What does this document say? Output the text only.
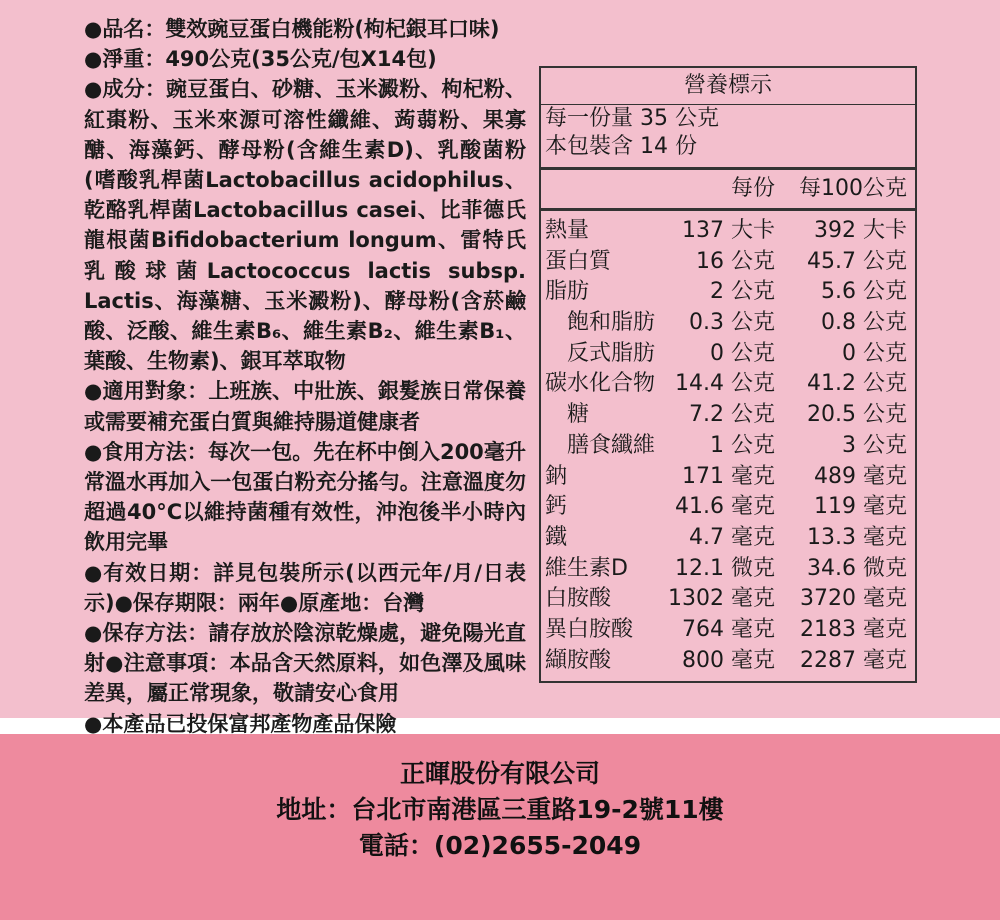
●品名：雙效豌豆蛋白機能粉(枸杞銀耳口味)

●淨重：490公克(35公克/包X14包)

●成分：豌豆蛋白、砂糖、玉米澱粉、枸杞粉、紅棗粉、玉米來源可溶性纖維、蒟蒻粉、果寡醣、海藻鈣、酵母粉(含維生素D)、乳酸菌粉(嗜酸乳桿菌Lactobacillus acidophilus、乾酪乳桿菌Lactobacillus casei、比菲德氏龍根菌Bifidobacterium longum、雷特氏乳酸球菌Lactococcus lactis subsp. Lactis、海藻糖、玉米澱粉)、酵母粉(含菸鹼酸、泛酸、維生素B₆、維生素B₂、維生素B₁、葉酸、生物素)、銀耳萃取物

●適用對象：上班族、中壯族、銀髮族日常保養或需要補充蛋白質與維持腸道健康者

●食用方法：每次一包。先在杯中倒入200毫升常溫水再加入一包蛋白粉充分搖勻。注意溫度勿超過40°C以維持菌種有效性，沖泡後半小時內飲用完畢

●有效日期：詳見包裝所示(以西元年/月/日表示)●保存期限：兩年●原產地：台灣

●保存方法：請存放於陰涼乾燥處，避免陽光直射●注意事項：本品含天然原料，如色澤及風味差異，屬正常現象，敬請安心食用

●本產品已投保富邦產物產品保險

營養標示
每一份量 35 公克
本包裝含 14 份
每份 每100公克
熱量	137 大卡 392 大卡
蛋白質	16 公克 45.7 公克
脂肪	2 公克 5.6 公克
飽和脂肪 0.3 公克 0.8 公克
反式脂肪 0 公克	0 公克
碳水化合物 14.4 公克 41.2 公克
糖	7.2 公克 20.5 公克
膳食纖維 1 公克	3 公克
鈉	171 毫克 489 毫克
鈣	41.6 毫克 119 毫克
鐵	4.7 毫克 13.3 毫克
維生素D 12.1 微克 34.6 微克
白胺酸	1302 毫克 3720 毫克
異白胺酸 764 毫克 2183 毫克
纈胺酸	800 毫克 2287 毫克
正暉股份有限公司
地址：台北市南港區三重路19-2號11樓
電話：(02)2655-2049
